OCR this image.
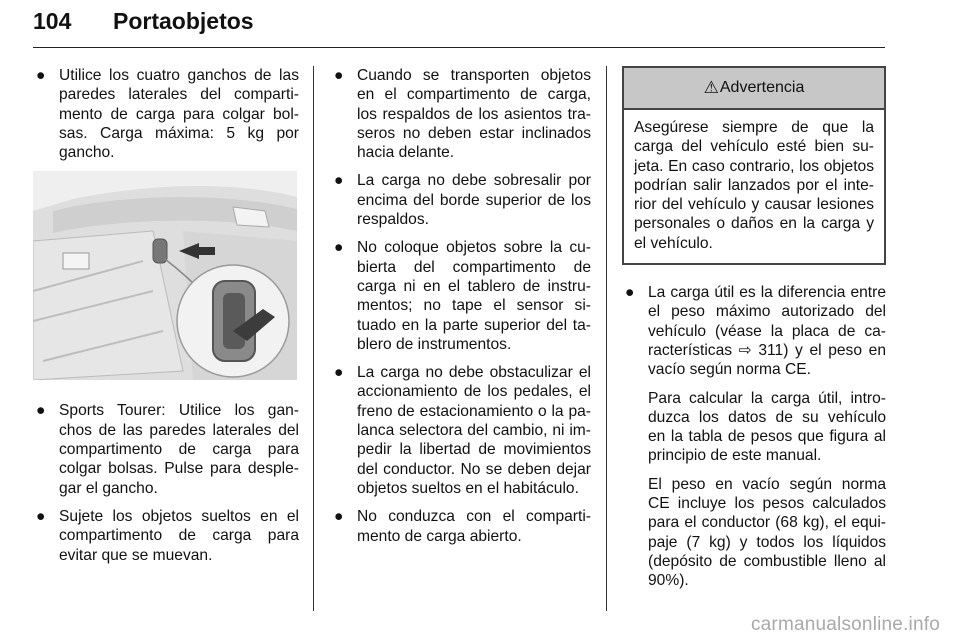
104 Portaobjetos
● Utilice los cuatro ganchos de las

paredes laterales del comparti-

mento de carga para colgar bol-

sas. Carga máxima: 5 kg por

gancho.

● Sports Tourer: Utilice los gan-

chos de las paredes laterales del

compartimento de carga para

colgar bolsas. Pulse para desple-

gar el gancho.

● Sujete los objetos sueltos en el

compartimento de carga para

evitar que se muevan.

● Cuando se transporten objetos

en el compartimento de carga,

los respaldos de los asientos tra-

seros no deben estar inclinados

hacia delante.

● La carga no debe sobresalir por

encima del borde superior de los

respaldos.

● No coloque objetos sobre la cu-

bierta del compartimento de

carga ni en el tablero de instru-

mentos; no tape el sensor si-

tuado en la parte superior del ta-

blero de instrumentos.

● La carga no debe obstaculizar el

accionamiento de los pedales, el

freno de estacionamiento o la pa-

lanca selectora del cambio, ni im-

pedir la libertad de movimientos

del conductor. No se deben dejar

objetos sueltos en el habitáculo.

● No conduzca con el comparti-

mento de carga abierto.

⚠ Advertencia

Asegúrese siempre de que la

carga del vehículo esté bien su-

jeta. En caso contrario, los objetos

podrían salir lanzados por el inte-

rior del vehículo y causar lesiones

personales o daños en la carga y

el vehículo.

● La carga útil es la diferencia entre

el peso máximo autorizado del

vehículo (véase la placa de ca-

racterísticas ⇨ 311) y el peso en

vacío según norma CE.

Para calcular la carga útil, intro-

duzca los datos de su vehículo

en la tabla de pesos que figura al

principio de este manual.

El peso en vacío según norma

CE incluye los pesos calculados

para el conductor (68 kg), el equi-

paje (7 kg) y todos los líquidos

(depósito de combustible lleno al

90%).

carmanualsonline.info
